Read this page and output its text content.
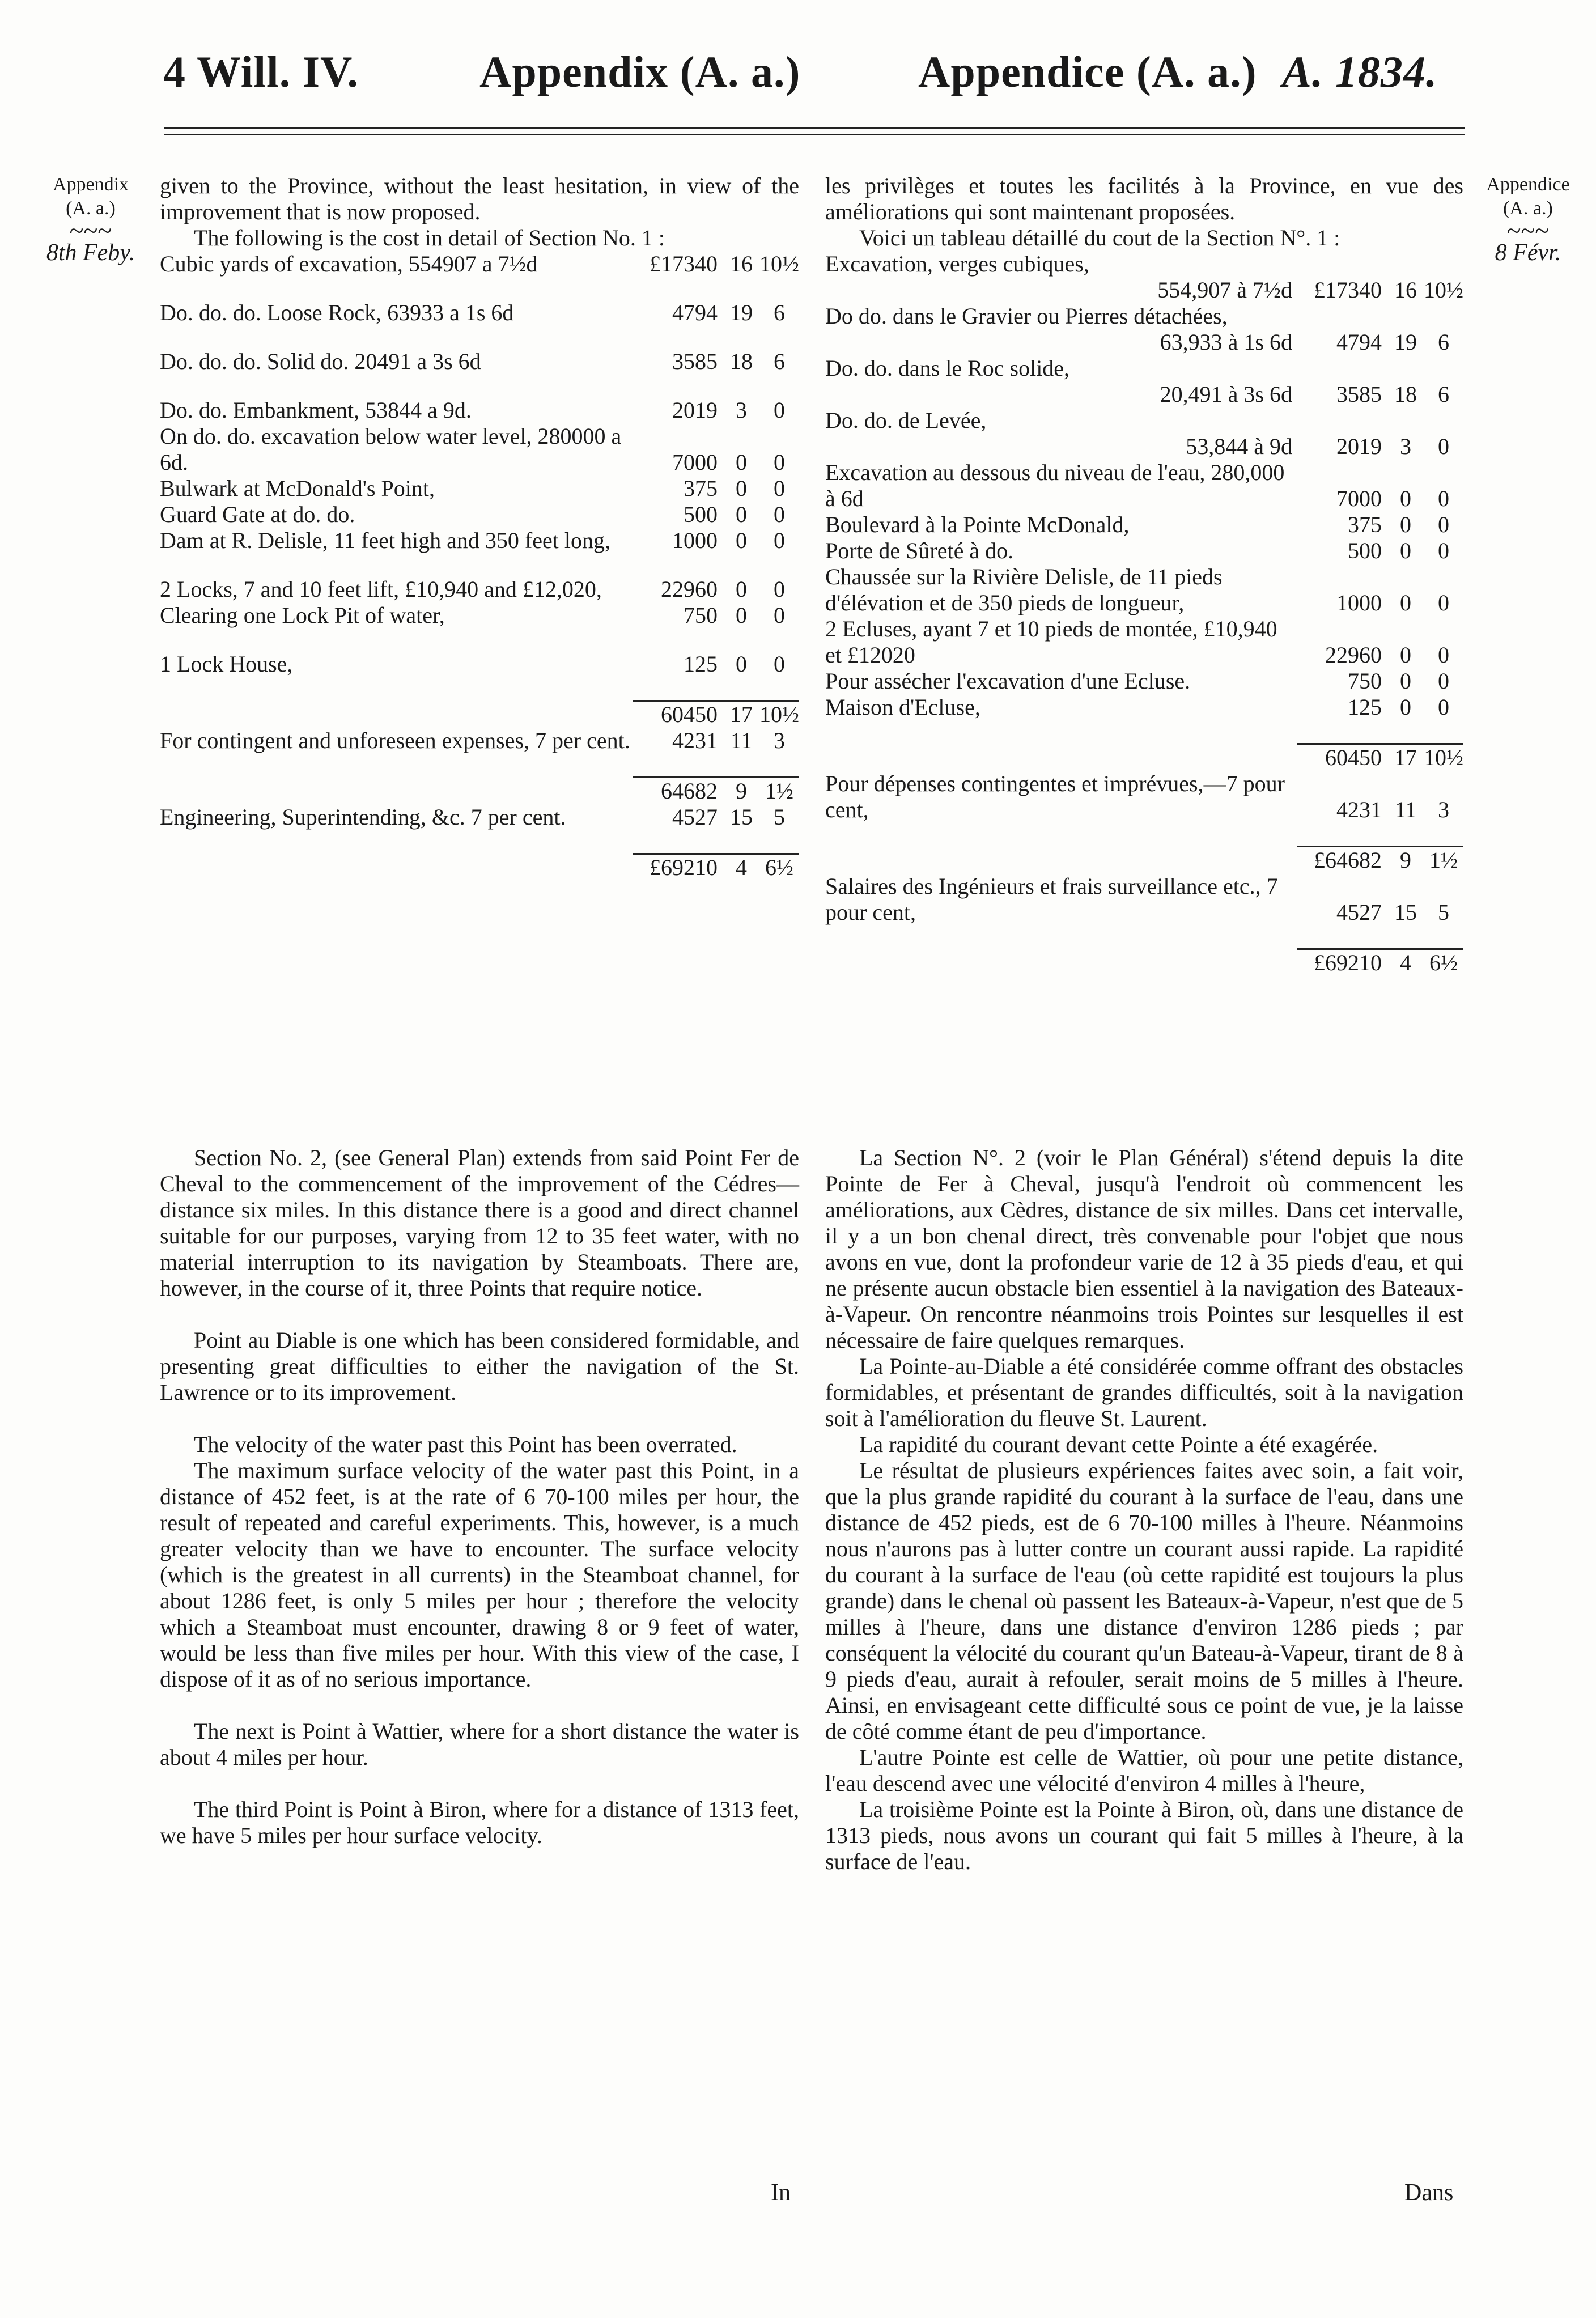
4 Will. IV.	Appendix (A. a.)	Appendice (A. a.) A. 1834.
Appendix
(A. a.)
~~~
8th Feby.
Appendice
(A. a.)
~~~
8 Févr.
given to the Province, without the least hesitation, in view of the improvement that is now proposed.

The following is the cost in detail of Section No. 1 :

Cubic yards of excavation, 554907 a 7½d	£17340	16	10½

Do. do. do. Loose Rock, 63933 a 1s 6d	4794	19	6

Do. do. do. Solid do. 20491 a 3s 6d	3585	18	6

Do. do. Embankment, 53844 a 9d.	2019	3	0
On do. do. excavation below water level, 280000 a 6d.	7000	0	0
Bulwark at McDonald's Point,	375	0	0
Guard Gate at do. do.	500	0	0
Dam at R. Delisle, 11 feet high and 350 feet long,	1000	0	0

2 Locks, 7 and 10 feet lift, £10,940 and £12,020,	22960	0	0
Clearing one Lock Pit of water,	750	0	0

1 Lock House,	125	0	0

	60450	17	10½
For contingent and unforeseen expenses, 7 per cent.	4231	11	3

	64682	9	1½
Engineering, Superintending, &c. 7 per cent.	4527	15	5

	£69210	4	6½
les privilèges et toutes les facilités à la Province, en vue des améliorations qui sont maintenant proposées.

Voici un tableau détaillé du cout de la Section N°. 1 :

Excavation, verges cubiques,
554,907 à 7½d	£17340	16	10½
Do do. dans le Gravier ou Pierres détachées,
63,933 à 1s 6d	4794	19	6
Do. do. dans le Roc solide,
20,491 à 3s 6d	3585	18	6
Do. do. de Levée,
53,844 à 9d	2019	3	0
Excavation au dessous du niveau de l'eau, 280,000 à 6d	7000	0	0
Boulevard à la Pointe McDonald,	375	0	0
Porte de Sûreté à do.	500	0	0
Chaussée sur la Rivière Delisle, de 11 pieds d'élévation et de 350 pieds de longueur,	1000	0	0
2 Ecluses, ayant 7 et 10 pieds de montée, £10,940 et £12020	22960	0	0
Pour assécher l'excavation d'une Ecluse.	750	0	0
Maison d'Ecluse,	125	0	0

	60450	17	10½
Pour dépenses contingentes et imprévues,—7 pour cent,	4231	11	3

	£64682	9	1½
Salaires des Ingénieurs et frais surveillance etc., 7 pour cent,	4527	15	5

	£69210	4	6½

Section No. 2, (see General Plan) extends from said Point Fer de Cheval to the commencement of the improvement of the Cédres—distance six miles. In this distance there is a good and direct channel suitable for our purposes, varying from 12 to 35 feet water, with no material interruption to its navigation by Steamboats. There are, however, in the course of it, three Points that require notice.

Point au Diable is one which has been considered formidable, and presenting great difficulties to either the navigation of the St. Lawrence or to its improvement.

The velocity of the water past this Point has been overrated.

The maximum surface velocity of the water past this Point, in a distance of 452 feet, is at the rate of 6 70-100 miles per hour, the result of repeated and careful experiments. This, however, is a much greater velocity than we have to encounter. The surface velocity (which is the greatest in all currents) in the Steamboat channel, for about 1286 feet, is only 5 miles per hour ; therefore the velocity which a Steamboat must encounter, drawing 8 or 9 feet of water, would be less than five miles per hour. With this view of the case, I dispose of it as of no serious importance.

The next is Point à Wattier, where for a short distance the water is about 4 miles per hour.

The third Point is Point à Biron, where for a distance of 1313 feet, we have 5 miles per hour surface velocity.

La Section N°. 2 (voir le Plan Général) s'étend depuis la dite Pointe de Fer à Cheval, jusqu'à l'endroit où commencent les améliorations, aux Cèdres, distance de six milles. Dans cet intervalle, il y a un bon chenal direct, très convenable pour l'objet que nous avons en vue, dont la profondeur varie de 12 à 35 pieds d'eau, et qui ne présente aucun obstacle bien essentiel à la navigation des Bateaux-à-Vapeur. On rencontre néanmoins trois Pointes sur lesquelles il est nécessaire de faire quelques remarques.

La Pointe-au-Diable a été considérée comme offrant des obstacles formidables, et présentant de grandes difficultés, soit à la navigation soit à l'amélioration du fleuve St. Laurent.

La rapidité du courant devant cette Pointe a été exagérée.

Le résultat de plusieurs expériences faites avec soin, a fait voir, que la plus grande rapidité du courant à la surface de l'eau, dans une distance de 452 pieds, est de 6 70-100 milles à l'heure. Néanmoins nous n'aurons pas à lutter contre un courant aussi rapide. La rapidité du courant à la surface de l'eau (où cette rapidité est toujours la plus grande) dans le chenal où passent les Bateaux-à-Vapeur, n'est que de 5 milles à l'heure, dans une distance d'environ 1286 pieds ; par conséquent la vélocité du courant qu'un Bateau-à-Vapeur, tirant de 8 à 9 pieds d'eau, aurait à refouler, serait moins de 5 milles à l'heure. Ainsi, en envisageant cette difficulté sous ce point de vue, je la laisse de côté comme étant de peu d'importance.

L'autre Pointe est celle de Wattier, où pour une petite distance, l'eau descend avec une vélocité d'environ 4 milles à l'heure,

La troisième Pointe est la Pointe à Biron, où, dans une distance de 1313 pieds, nous avons un courant qui fait 5 milles à l'heure, à la surface de l'eau.

In	Dans
